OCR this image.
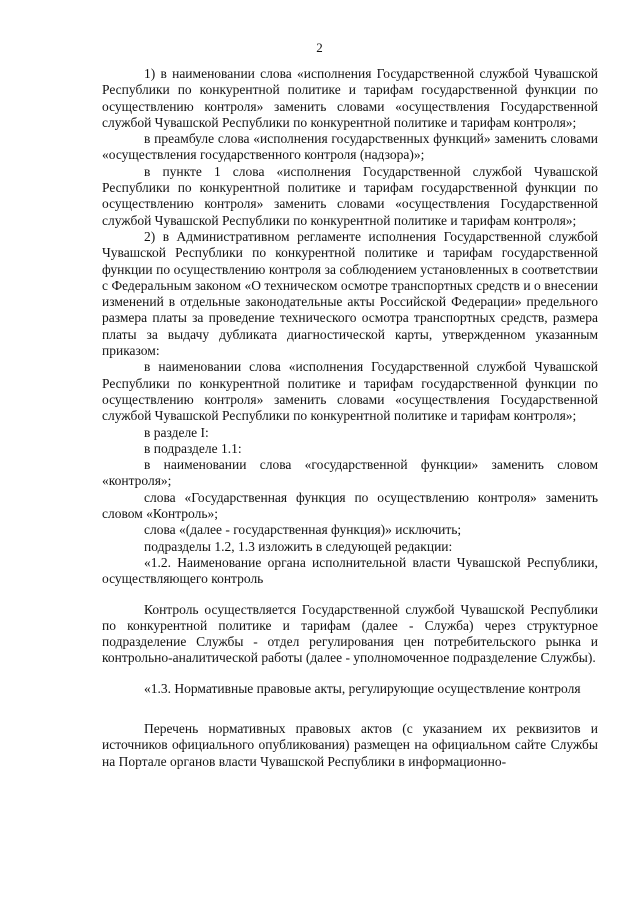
2

1) в наименовании слова «исполнения Государственной службой Чувашской Республики по конкурентной политике и тарифам государственной функции по осуществлению контроля» заменить словами «осуществления Государственной службой Чувашской Республики по конкурентной политике и тарифам контроля»;

в преамбуле слова «исполнения государственных функций» заменить словами «осуществления государственного контроля (надзора)»;

в пункте 1 слова «исполнения Государственной службой Чувашской Республики по конкурентной политике и тарифам государственной функции по осуществлению контроля» заменить словами «осуществления Государственной службой Чувашской Республики по конкурентной политике и тарифам контроля»;

2) в Административном регламенте исполнения Государственной службой Чувашской Республики по конкурентной политике и тарифам государственной функции по осуществлению контроля за соблюдением установленных в соответствии с Федеральным законом «О техническом осмотре транспортных средств и о внесении изменений в отдельные законодательные акты Российской Федерации» предельного размера платы за проведение технического осмотра транспортных средств, размера платы за выдачу дубликата диагностической карты, утвержденном указанным приказом:

в наименовании слова «исполнения Государственной службой Чувашской Республики по конкурентной политике и тарифам государственной функции по осуществлению контроля» заменить словами «осуществления Государственной службой Чувашской Республики по конкурентной политике и тарифам контроля»;

в разделе I:

в подразделе 1.1:

в наименовании слова «государственной функции» заменить словом «контроля»;

слова «Государственная функция по осуществлению контроля» заменить словом «Контроль»;

слова «(далее - государственная функция)» исключить;

подразделы 1.2, 1.3 изложить в следующей редакции:

«1.2. Наименование органа исполнительной власти Чувашской Республики, осуществляющего контроль

Контроль осуществляется Государственной службой Чувашской Республики по конкурентной политике и тарифам (далее - Служба) через структурное подразделение Службы - отдел регулирования цен потребительского рынка и контрольно-аналитической работы (далее - уполномоченное подразделение Службы).

«1.3. Нормативные правовые акты, регулирующие осуществление контроля

Перечень нормативных правовых актов (с указанием их реквизитов и источников официального опубликования) размещен на официальном сайте Службы на Портале органов власти Чувашской Республики в информационно-
